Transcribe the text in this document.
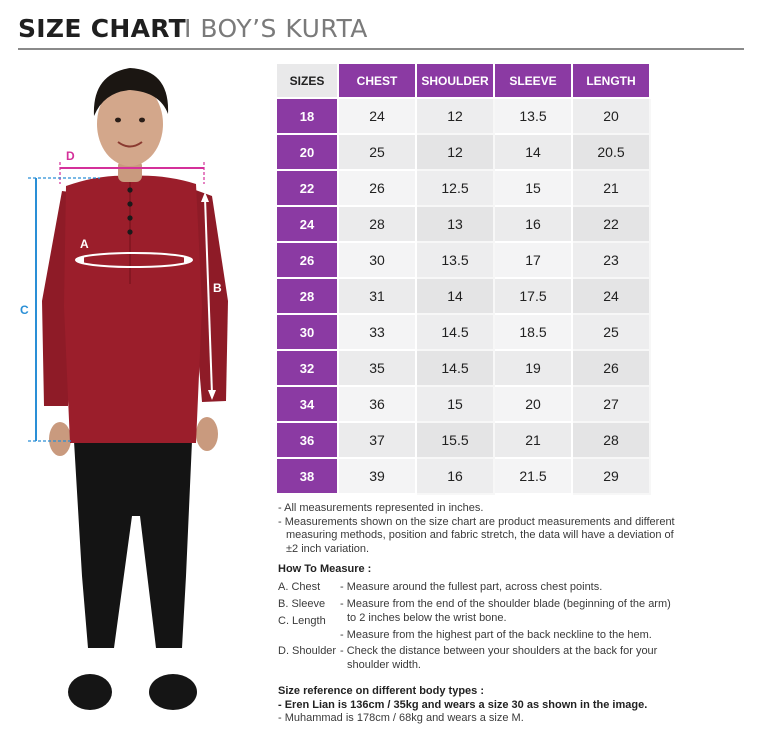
SIZE CHART
I BOY’S KURTA
D
C
A
B
SIZES	CHEST	SHOULDER	SLEEVE	LENGTH
18	24	12	13.5	20
20	25	12	14	20.5
22	26	12.5	15	21
24	28	13	16	22
26	30	13.5	17	23
28	31	14	17.5	24
30	33	14.5	18.5	25
32	35	14.5	19	26
34	36	15	20	27
36	37	15.5	21	28
38	39	16	21.5	29

- All measurements represented in inches.

- Measurements shown on the size chart are product measurements and different

measuring methods, position and fabric stretch, the data will have a deviation of

±2 inch variation.

How To Measure :
A. Chest	- Measure around the fullest part, across chest points.
B. Sleeve	- Measure from the end of the shoulder blade (beginning of the arm)
to 2 inches below the wrist bone.
C. Length
- Measure from the highest part of the back neckline to the hem.
D. Shoulder - Check the distance between your shoulders at the back for your
shoulder width.
Size reference on different body types :
- Eren Lian is 136cm / 35kg and wears a size 30 as shown in the image.
- Muhammad is 178cm / 68kg and wears a size M.
